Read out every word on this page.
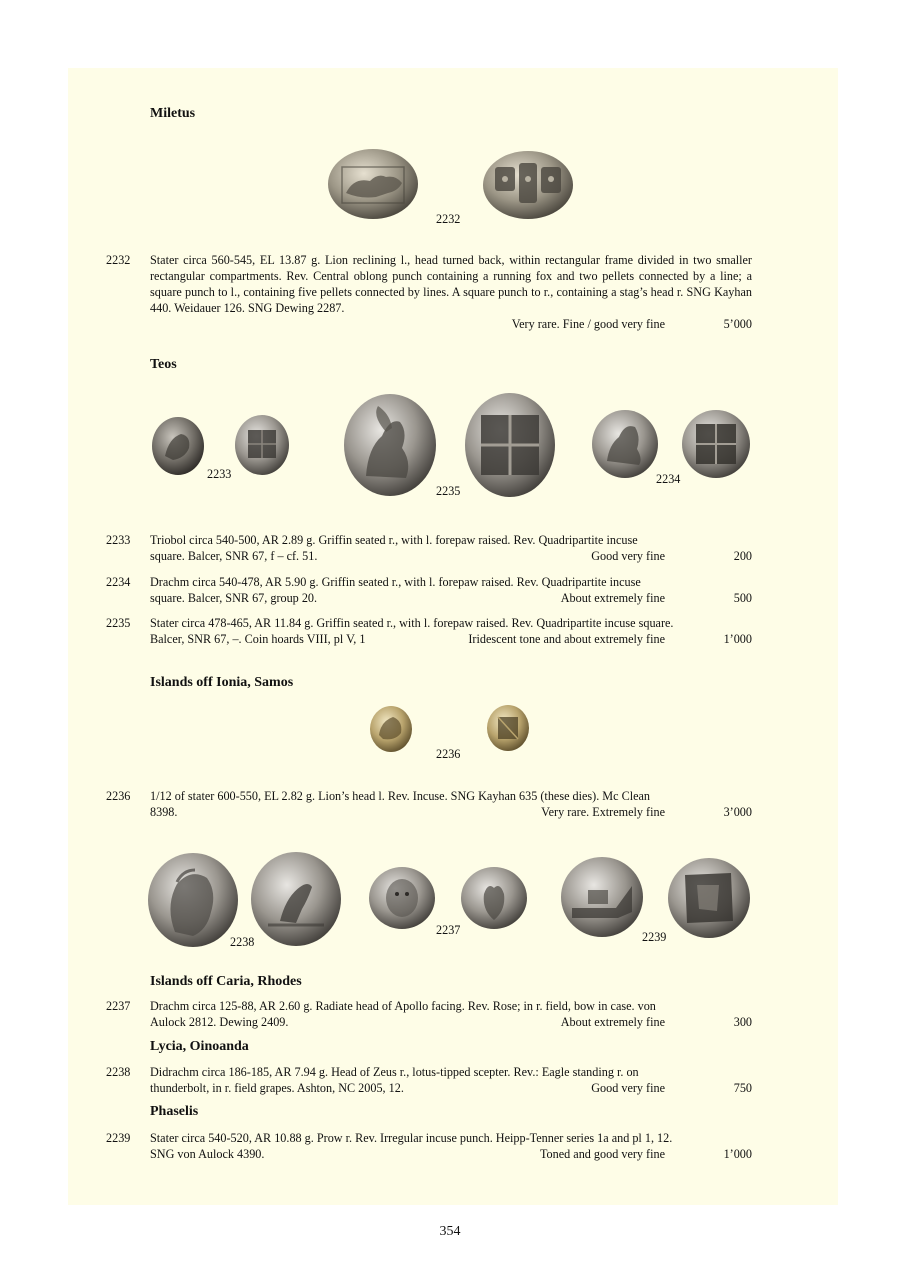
Miletus
2232
2232 Stater circa 560-545, EL 13.87 g. Lion reclining l., head turned back, within rectangular frame divided in two smaller rectangular compartments. Rev. Central oblong punch containing a running fox and two pellets connected by a line; a square punch to l., containing five pellets connected by lines. A square punch to r., containing a stag’s head r. SNG Kayhan 440. Weidauer 126. SNG Dewing 2287.
Very rare. Fine / good very fine	5’000
Teos
2233
2235
2234
2233 Triobol circa 540-500, AR 2.89 g. Griffin seated r., with l. forepaw raised. Rev. Quadripartite incuse
square. Balcer, SNR 67, f – cf. 51.	Good very fine	200
2234 Drachm circa 540-478, AR 5.90 g. Griffin seated r., with l. forepaw raised. Rev. Quadripartite incuse
square. Balcer, SNR 67, group 20.	About extremely fine	500
2235 Stater circa 478-465, AR 11.84 g. Griffin seated r., with l. forepaw raised. Rev. Quadripartite incuse square.
Balcer, SNR 67, –. Coin hoards VIII, pl V, 1	Iridescent tone and about extremely fine	1’000
Islands off Ionia, Samos
2236
2236 1/12 of stater 600-550, EL 2.82 g. Lion’s head l. Rev. Incuse. SNG Kayhan 635 (these dies). Mc Clean
8398.	Very rare. Extremely fine	3’000
2238
2237	2239
Islands off Caria, Rhodes
2237 Drachm circa 125-88, AR 2.60 g. Radiate head of Apollo facing. Rev. Rose; in r. field, bow in case. von
Aulock 2812. Dewing 2409.	About extremely fine	300
Lycia, Oinoanda
2238 Didrachm circa 186-185, AR 7.94 g. Head of Zeus r., lotus-tipped scepter. Rev.: Eagle standing r. on
thunderbolt, in r. field grapes. Ashton, NC 2005, 12.	Good very fine	750
Phaselis
2239 Stater circa 540-520, AR 10.88 g. Prow r. Rev. Irregular incuse punch. Heipp-Tenner series 1a and pl 1, 12.
SNG von Aulock 4390.	Toned and good very fine	1’000
354
